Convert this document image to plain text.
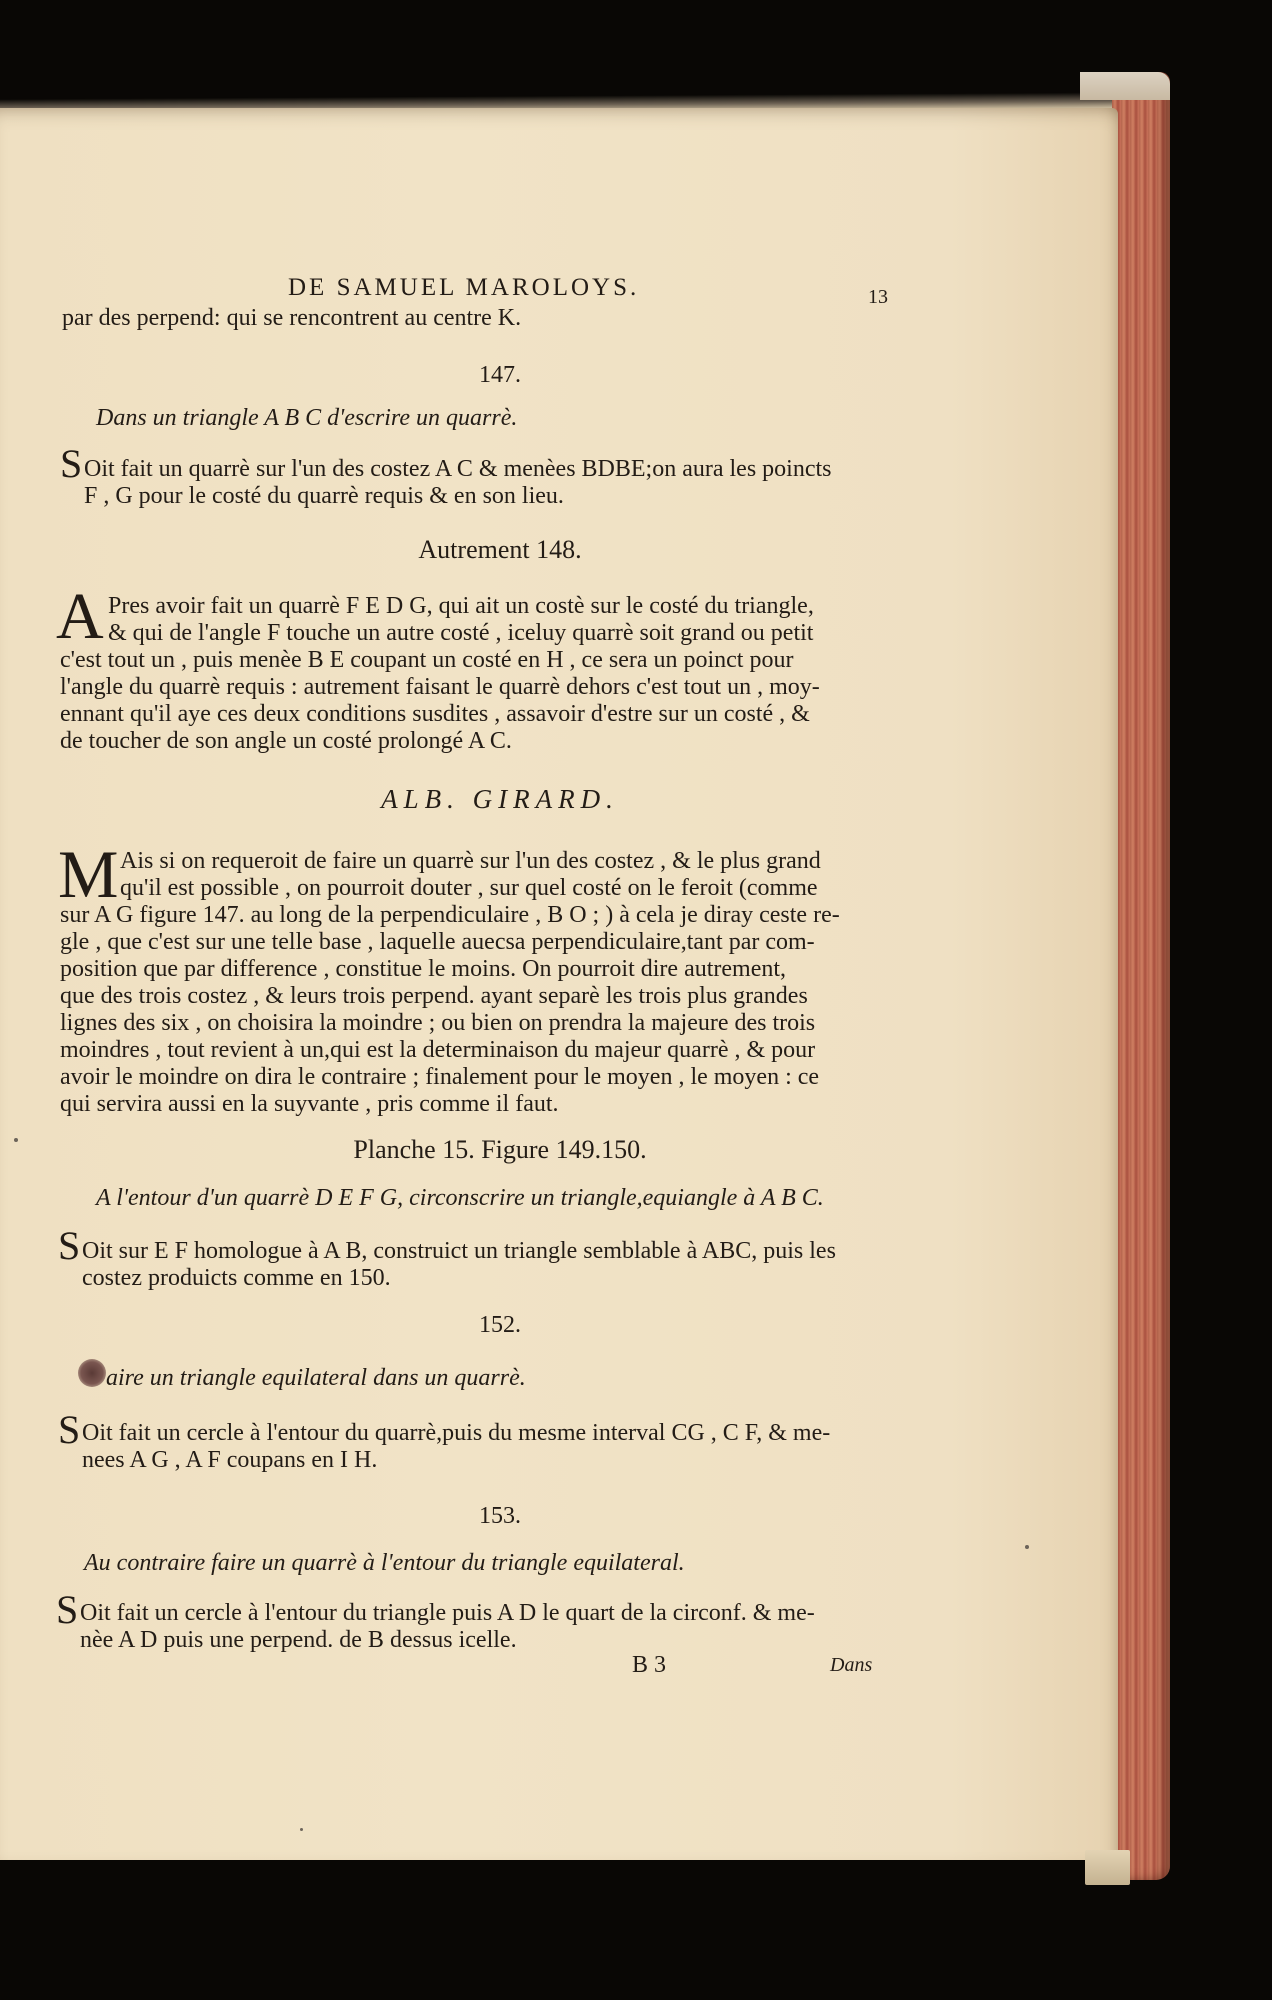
DE SAMUEL MAROLOYS.	13
par des perpend: qui se rencontrent au centre K.
147.
Dans un triangle A B C d'escrire un quarrè.
S Oit fait un quarrè sur l'un des costez A C & menèes BDBE;on aura les poincts
F , G pour le costé du quarrè requis & en son lieu.
Autrement 148.
A Pres avoir fait un quarrè F E D G, qui ait un costè sur le costé du triangle,
& qui de l'angle F touche un autre costé , iceluy quarrè soit grand ou petit
c'est tout un , puis menèe B E coupant un costé en H , ce sera un poinct pour
l'angle du quarrè requis : autrement faisant le quarrè dehors c'est tout un , moy-
ennant qu'il aye ces deux conditions susdites , assavoir d'estre sur un costé , &
de toucher de son angle un costé prolongé A C.
ALB. GIRARD.
M Ais si on requeroit de faire un quarrè sur l'un des costez , & le plus grand
qu'il est possible , on pourroit douter , sur quel costé on le feroit (comme
sur A G figure 147. au long de la perpendiculaire , B O ; ) à cela je diray ceste re-
gle , que c'est sur une telle base , laquelle auecsa perpendiculaire,tant par com-
position que par difference , constitue le moins. On pourroit dire autrement,
que des trois costez , & leurs trois perpend. ayant separè les trois plus grandes
lignes des six , on choisira la moindre ; ou bien on prendra la majeure des trois
moindres , tout revient à un,qui est la determinaison du majeur quarrè , & pour
avoir le moindre on dira le contraire ; finalement pour le moyen , le moyen : ce
qui servira aussi en la suyvante , pris comme il faut.
Planche 15. Figure 149.150.
A l'entour d'un quarrè D E F G, circonscrire un triangle,equiangle à A B C.
S Oit sur E F homologue à A B, construict un triangle semblable à ABC, puis les
costez produicts comme en 150.
152.
aire un triangle equilateral dans un quarrè.
S Oit fait un cercle à l'entour du quarrè,puis du mesme interval CG , C F, & me-
nees A G , A F coupans en I H.
153.
Au contraire faire un quarrè à l'entour du triangle equilateral.
S Oit fait un cercle à l'entour du triangle puis A D le quart de la circonf. & me-
nèe A D puis une perpend. de B dessus icelle.
B 3	Dans
